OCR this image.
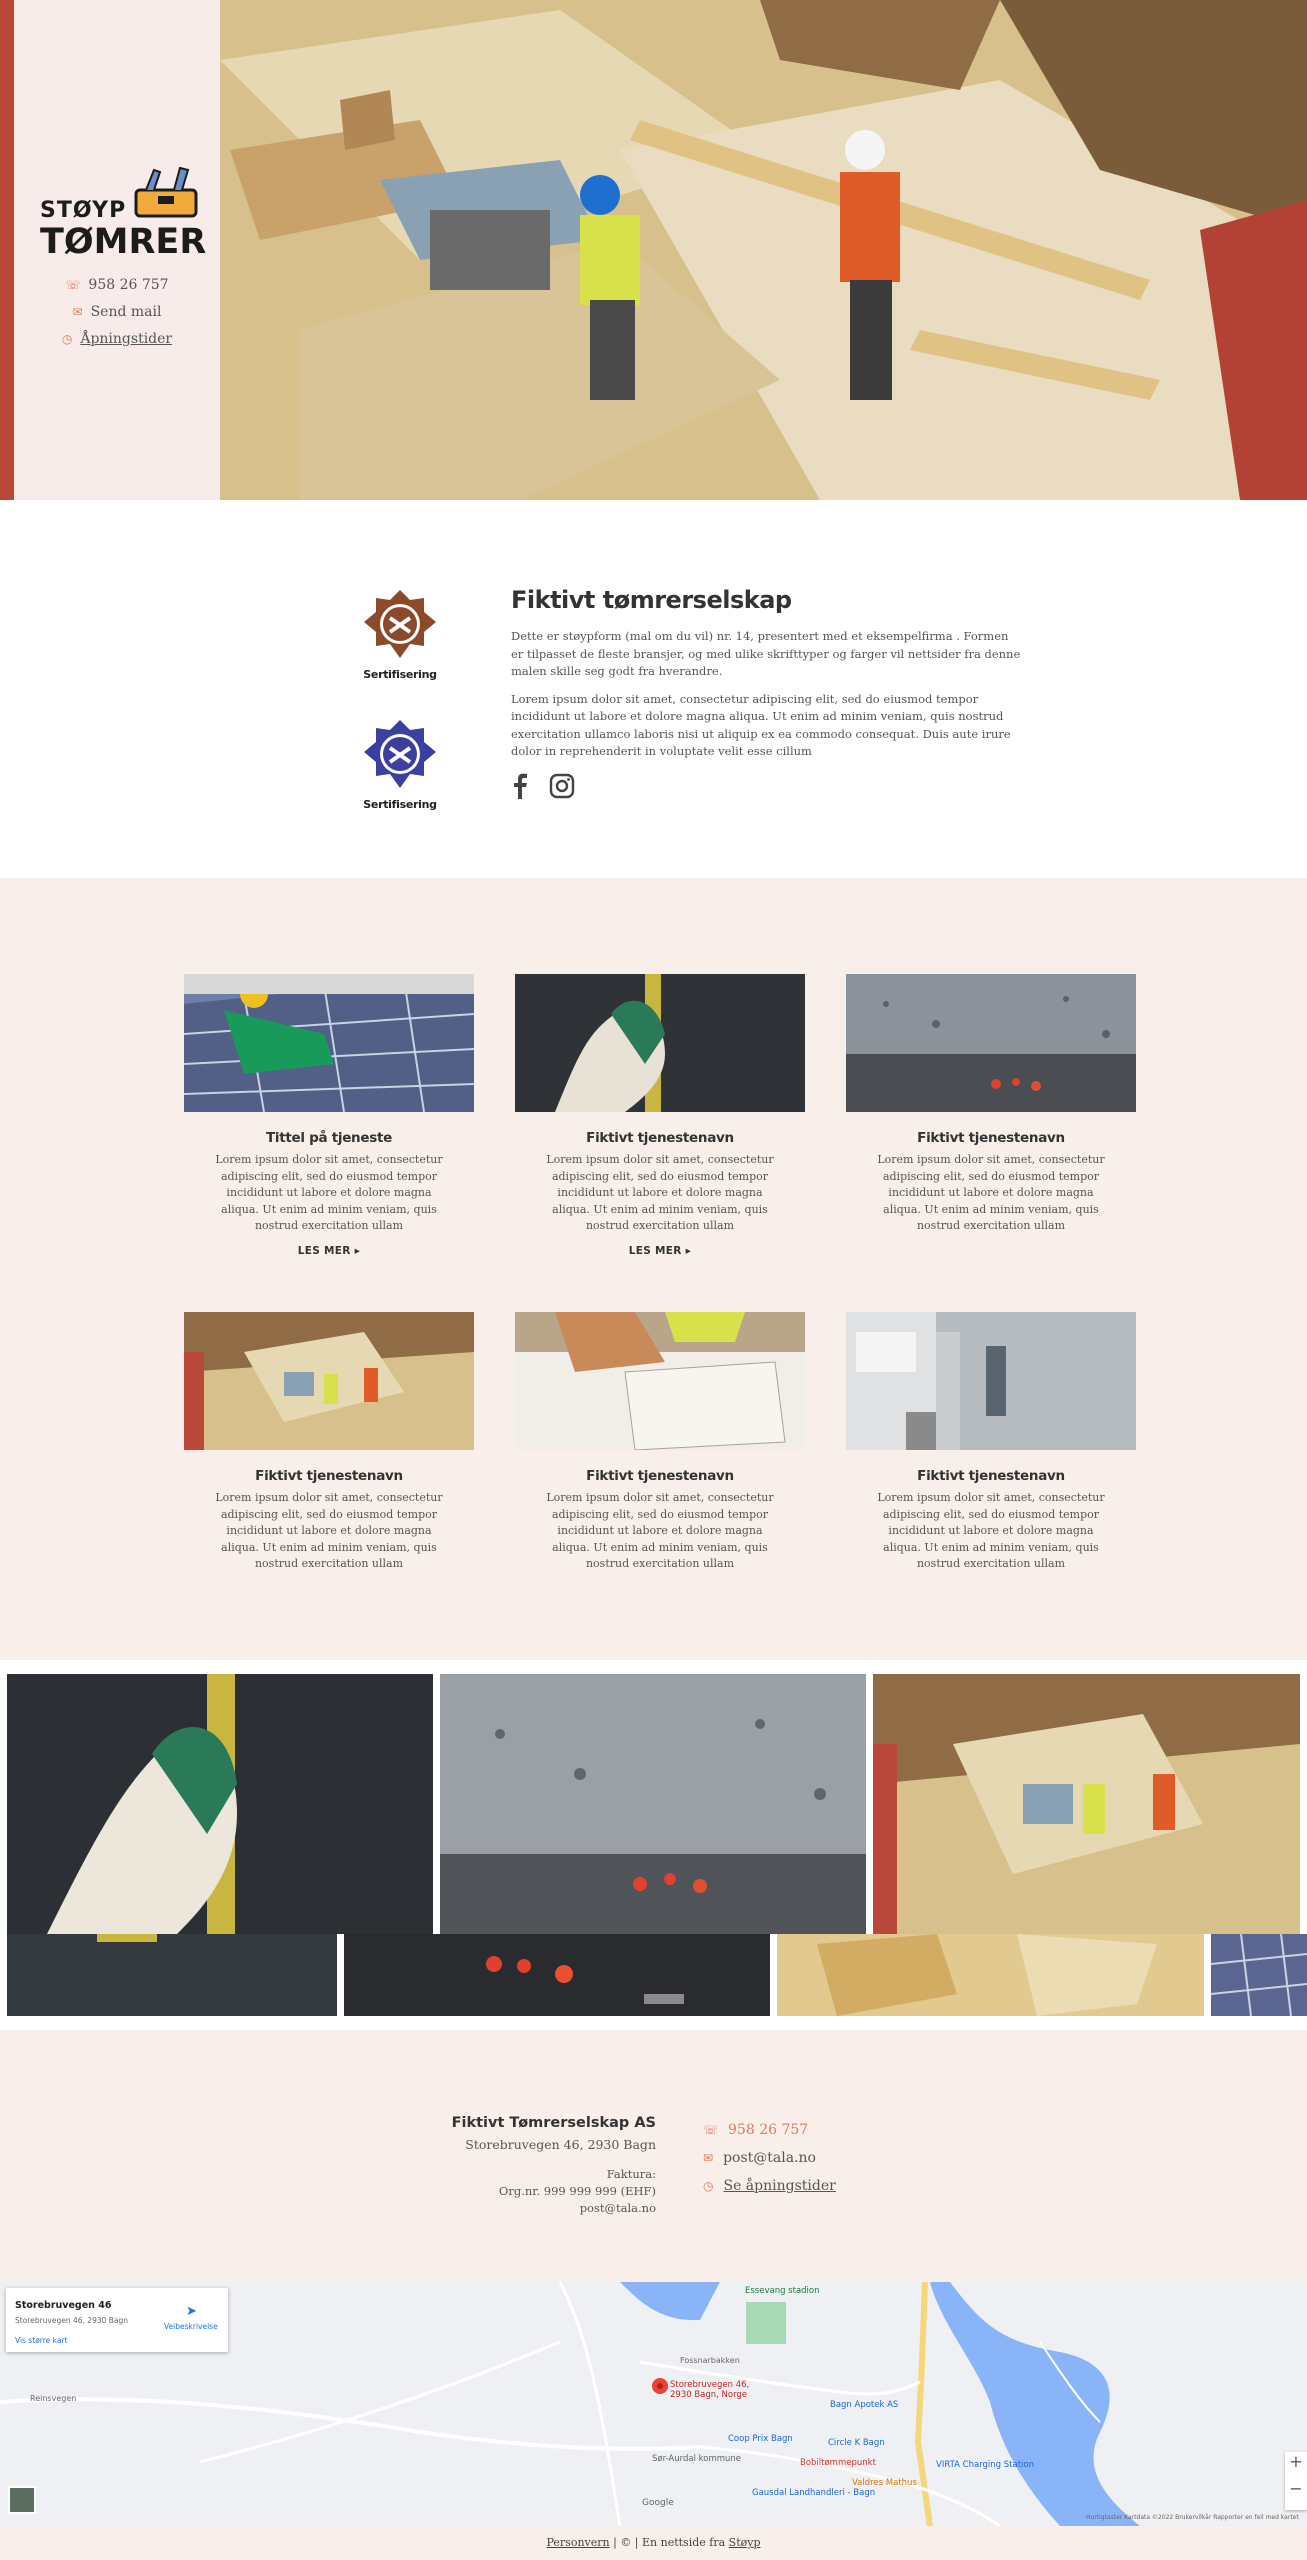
STØYP
TØMRER
☏ 958 26 757
✉ Send mail
◷ Åpningstider
Sertifisering
Sertifisering
Fiktivt tømrerselskap

Dette er støypform (mal om du vil) nr. 14, presentert med et eksempelfirma . Formen er tilpasset de fleste bransjer, og med ulike skrifttyper og farger vil nettsider fra denne malen skille seg godt fra hverandre.

Lorem ipsum dolor sit amet, consectetur adipiscing elit, sed do eiusmod tempor incididunt ut labore et dolore magna aliqua. Ut enim ad minim veniam, quis nostrud exercitation ullamco laboris nisi ut aliquip ex ea commodo consequat. Duis aute irure dolor in reprehenderit in voluptate velit esse cillum

Tittel på tjeneste
Lorem ipsum dolor sit amet, consectetur adipiscing elit, sed do eiusmod tempor incididunt ut labore et dolore magna aliqua. Ut enim ad minim veniam, quis nostrud exercitation ullam
LES MER ▸
Fiktivt tjenestenavn
Lorem ipsum dolor sit amet, consectetur adipiscing elit, sed do eiusmod tempor incididunt ut labore et dolore magna aliqua. Ut enim ad minim veniam, quis nostrud exercitation ullam
LES MER ▸
Fiktivt tjenestenavn
Lorem ipsum dolor sit amet, consectetur adipiscing elit, sed do eiusmod tempor incididunt ut labore et dolore magna aliqua. Ut enim ad minim veniam, quis nostrud exercitation ullam
Fiktivt tjenestenavn
Lorem ipsum dolor sit amet, consectetur adipiscing elit, sed do eiusmod tempor incididunt ut labore et dolore magna aliqua. Ut enim ad minim veniam, quis nostrud exercitation ullam
Fiktivt tjenestenavn
Lorem ipsum dolor sit amet, consectetur adipiscing elit, sed do eiusmod tempor incididunt ut labore et dolore magna aliqua. Ut enim ad minim veniam, quis nostrud exercitation ullam
Fiktivt tjenestenavn
Lorem ipsum dolor sit amet, consectetur adipiscing elit, sed do eiusmod tempor incididunt ut labore et dolore magna aliqua. Ut enim ad minim veniam, quis nostrud exercitation ullam
Fiktivt Tømrerselskap AS
Storebruvegen 46, 2930 Bagn
Faktura:
Org.nr. 999 999 999 (EHF)
post@tala.no
☏ 958 26 757
✉ post@tala.no
◷ Se åpningstider
Storebruvegen 46
Storebruvegen 46, 2930 Bagn
Vis større kart
➤
Veibeskrivelse
Storebruvegen 46,
2930 Bagn, Norge
Essevang stadion
Bagn Apotek AS
Coop Prix Bagn	Circle K Bagn
Bobiltømmepunkt	VIRTA Charging Station
Valdres Mathus
Sør-Aurdal kommune
Gausdal Landhandleri - Bagn
Reinsvegen
Fossnarbakken
Google
Hurtigtaster Kartdata ©2022 Brukervilkår Rapporter en feil med kartet
+
−
Personvern | © | En nettside fra Støyp
